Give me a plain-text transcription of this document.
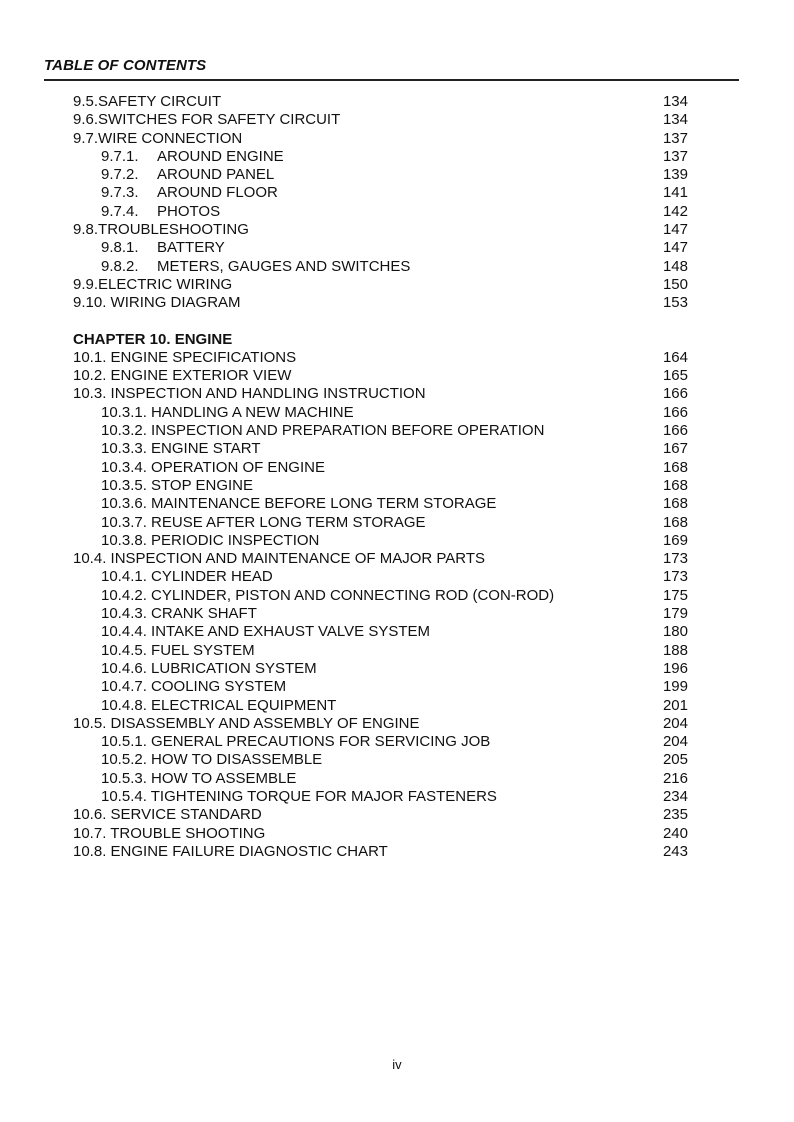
TABLE OF CONTENTS
9.5.SAFETY CIRCUIT	134
9.6.SWITCHES FOR SAFETY CIRCUIT	134
9.7.WIRE CONNECTION	137
9.7.1. AROUND ENGINE	137
9.7.2. AROUND PANEL	139
9.7.3. AROUND FLOOR	141
9.7.4. PHOTOS	142
9.8.TROUBLESHOOTING	147
9.8.1. BATTERY	147
9.8.2. METERS, GAUGES AND SWITCHES	148
9.9.ELECTRIC WIRING	150
9.10. WIRING DIAGRAM	153
CHAPTER 10. ENGINE
10.1. ENGINE SPECIFICATIONS	164
10.2. ENGINE EXTERIOR VIEW	165
10.3. INSPECTION AND HANDLING INSTRUCTION	166
10.3.1. HANDLING A NEW MACHINE	166
10.3.2. INSPECTION AND PREPARATION BEFORE OPERATION	166
10.3.3. ENGINE START	167
10.3.4. OPERATION OF ENGINE	168
10.3.5. STOP ENGINE	168
10.3.6. MAINTENANCE BEFORE LONG TERM STORAGE	168
10.3.7. REUSE AFTER LONG TERM STORAGE	168
10.3.8. PERIODIC INSPECTION	169
10.4. INSPECTION AND MAINTENANCE OF MAJOR PARTS	173
10.4.1. CYLINDER HEAD	173
10.4.2. CYLINDER, PISTON AND CONNECTING ROD (CON-ROD)	175
10.4.3. CRANK SHAFT	179
10.4.4. INTAKE AND EXHAUST VALVE SYSTEM	180
10.4.5. FUEL SYSTEM	188
10.4.6. LUBRICATION SYSTEM	196
10.4.7. COOLING SYSTEM	199
10.4.8. ELECTRICAL EQUIPMENT	201
10.5. DISASSEMBLY AND ASSEMBLY OF ENGINE	204
10.5.1. GENERAL PRECAUTIONS FOR SERVICING JOB	204
10.5.2. HOW TO DISASSEMBLE	205
10.5.3. HOW TO ASSEMBLE	216
10.5.4. TIGHTENING TORQUE FOR MAJOR FASTENERS	234
10.6. SERVICE STANDARD	235
10.7. TROUBLE SHOOTING	240
10.8. ENGINE FAILURE DIAGNOSTIC CHART	243
iv
